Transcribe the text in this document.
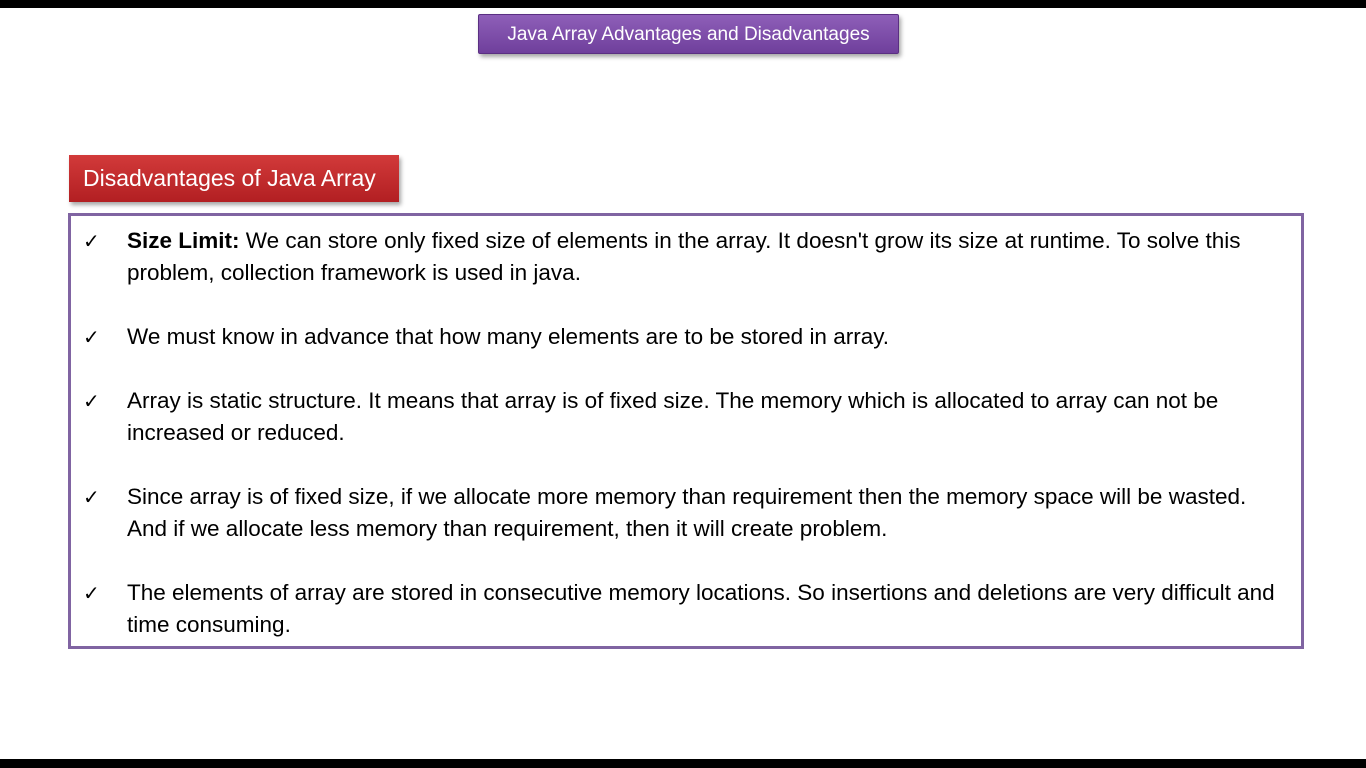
Java Array Advantages and Disadvantages
Disadvantages of Java Array
✓ Size Limit: We can store only fixed size of elements in the array. It doesn't grow its size at runtime. To solve this problem, collection framework is used in java.
✓ We must know in advance that how many elements are to be stored in array.
✓ Array is static structure. It means that array is of fixed size. The memory which is allocated to array can not be increased or reduced.
✓ Since array is of fixed size, if we allocate more memory than requirement then the memory space will be wasted. And if we allocate less memory than requirement, then it will create problem.
✓ The elements of array are stored in consecutive memory locations. So insertions and deletions are very difficult and time consuming.
